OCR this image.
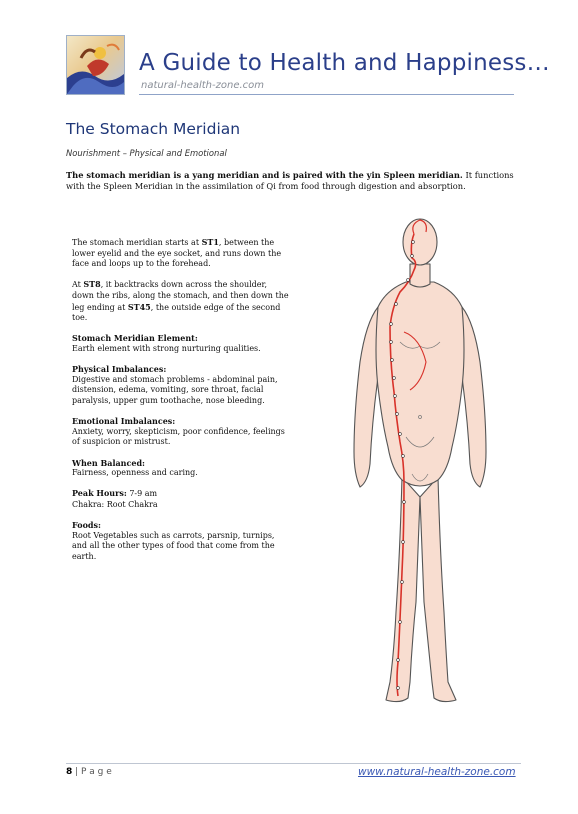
A Guide to Health and Happiness…
natural-health-zone.com
The Stomach Meridian
Nourishment – Physical and Emotional
The stomach meridian is a yang meridian and is paired with the yin Spleen meridian. It functions with the Spleen Meridian in the assimilation of Qi from food through digestion and absorption.

The stomach meridian starts at ST1, between the lower eyelid and the eye socket, and runs down the face and loops up to the forehead.

At ST8, it backtracks down across the shoulder, down the ribs, along the stomach, and then down the leg ending at ST45, the outside edge of the second toe.

Stomach Meridian Element:
Earth element with strong nurturing qualities.

Physical Imbalances:
Digestive and stomach problems - abdominal pain, distension, edema, vomiting, sore throat, facial paralysis, upper gum toothache, nose bleeding.

Emotional Imbalances:
Anxiety, worry, skepticism, poor confidence, feelings of suspicion or mistrust.

When Balanced:
Fairness, openness and caring.

Peak Hours: 7-9 am
Chakra: Root Chakra

Foods:
Root Vegetables such as carrots, parsnip, turnips, and all the other types of food that come from the earth.

8 | P a g e	www.natural-health-zone.com
